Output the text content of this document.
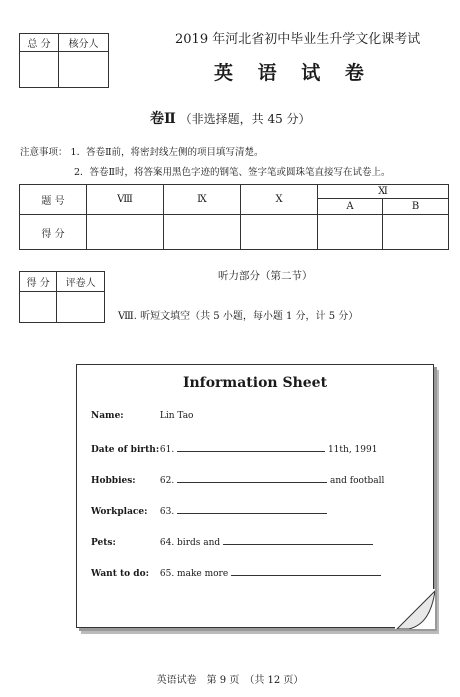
总 分	核分人
		2019 年河北省初中毕业生升学文化课考试
英 语 试 卷
卷Ⅱ （非选择题，共 45 分）
注意事项： 1．答卷Ⅱ前，将密封线左侧的项目填写清楚。
2．答卷Ⅱ时，将答案用黑色字迹的钢笔、签字笔或圆珠笔直接写在试卷上。
题 号	Ⅷ	Ⅸ	Ⅹ	Ⅺ	
				A	B
得 分					
得 分	评卷人

听力部分（第二节）
Ⅷ. 听短文填空（共 5 小题，每小题 1 分，计 5 分）
Information Sheet
Name:	Lin Tao
Date of birth: 61.	11th, 1991
Hobbies:	62.	and football
Workplace: 63.
Pets:	64. birds and
Want to do: 65. make more
英语试卷　第 9 页　（共 12 页）
